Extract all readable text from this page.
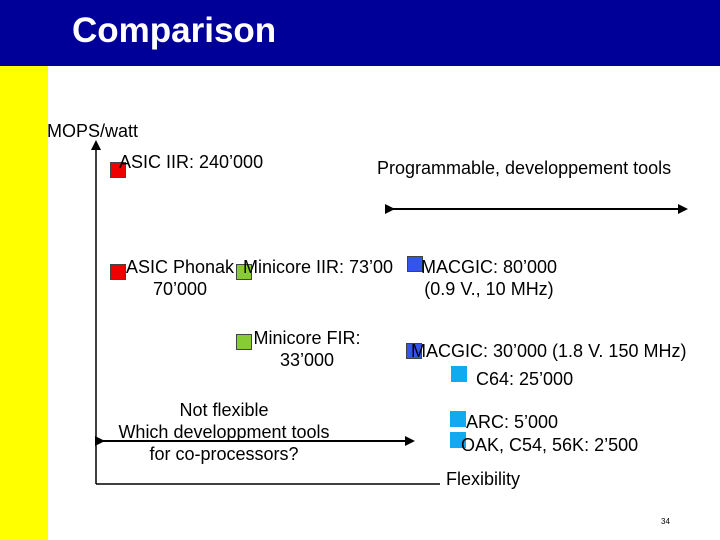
Comparison
MOPS/watt
Flexibility
ASIC IIR: 240’000	Programmable, developpement tools
ASIC Phonak
70’000
Minicore IIR: 73’00	MACGIC: 80’000
(0.9 V., 10 MHz)
Minicore FIR:
33’000	MACGIC: 30’000 (1.8 V. 150 MHz)
C64: 25’000
Not flexible
Which developpment tools
for co-processors?
ARC: 5’000
OAK, C54, 56K: 2’500
34
